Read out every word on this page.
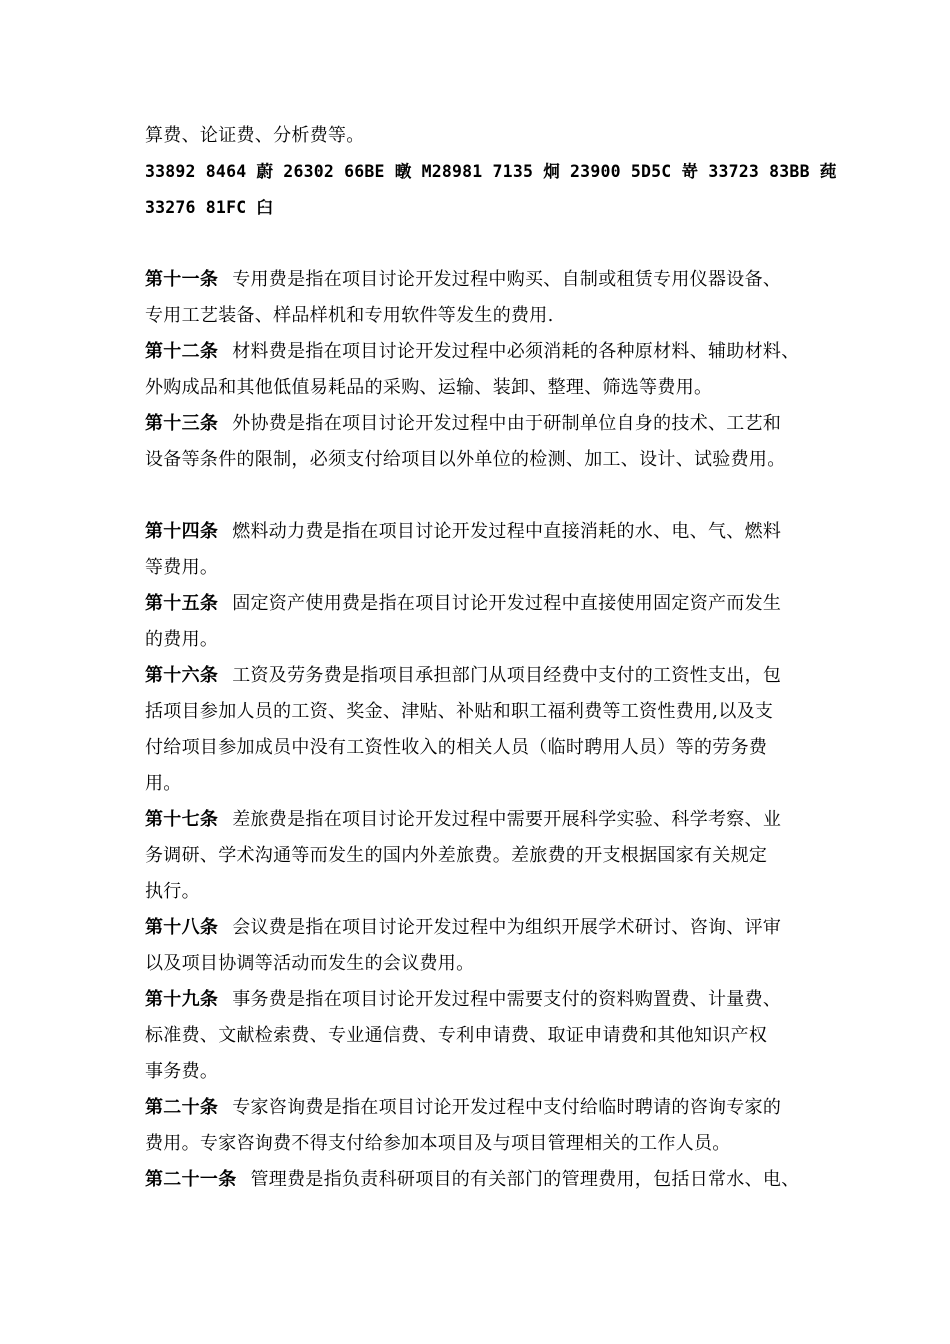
算费、论证费、分析费等。
33892 8464 蔚 26302 66BE 暾 M28981 7135 炯 23900 5D5C 嵜 33723 83BB 莼
33276 81FC 臼
第十一条 专用费是指在项目讨论开发过程中购买、自制或租赁专用仪器设备、
专用工艺装备、样品样机和专用软件等发生的费用.
第十二条 材料费是指在项目讨论开发过程中必须消耗的各种原材料、辅助材料、
外购成品和其他低值易耗品的采购、运输、装卸、整理、筛选等费用。
第十三条 外协费是指在项目讨论开发过程中由于研制单位自身的技术、工艺和
设备等条件的限制，必须支付给项目以外单位的检测、加工、设计、试验费用。
第十四条 燃料动力费是指在项目讨论开发过程中直接消耗的水、电、气、燃料
等费用。
第十五条 固定资产使用费是指在项目讨论开发过程中直接使用固定资产而发生
的费用。
第十六条 工资及劳务费是指项目承担部门从项目经费中支付的工资性支出，包
括项目参加人员的工资、奖金、津贴、补贴和职工福利费等工资性费用,以及支
付给项目参加成员中没有工资性收入的相关人员（临时聘用人员）等的劳务费
用。
第十七条 差旅费是指在项目讨论开发过程中需要开展科学实验、科学考察、业
务调研、学术沟通等而发生的国内外差旅费。差旅费的开支根据国家有关规定
执行。
第十八条 会议费是指在项目讨论开发过程中为组织开展学术研讨、咨询、评审
以及项目协调等活动而发生的会议费用。
第十九条 事务费是指在项目讨论开发过程中需要支付的资料购置费、计量费、
标准费、文献检索费、专业通信费、专利申请费、取证申请费和其他知识产权
事务费。
第二十条 专家咨询费是指在项目讨论开发过程中支付给临时聘请的咨询专家的
费用。专家咨询费不得支付给参加本项目及与项目管理相关的工作人员。
第二十一条 管理费是指负责科研项目的有关部门的管理费用，包括日常水、电、
